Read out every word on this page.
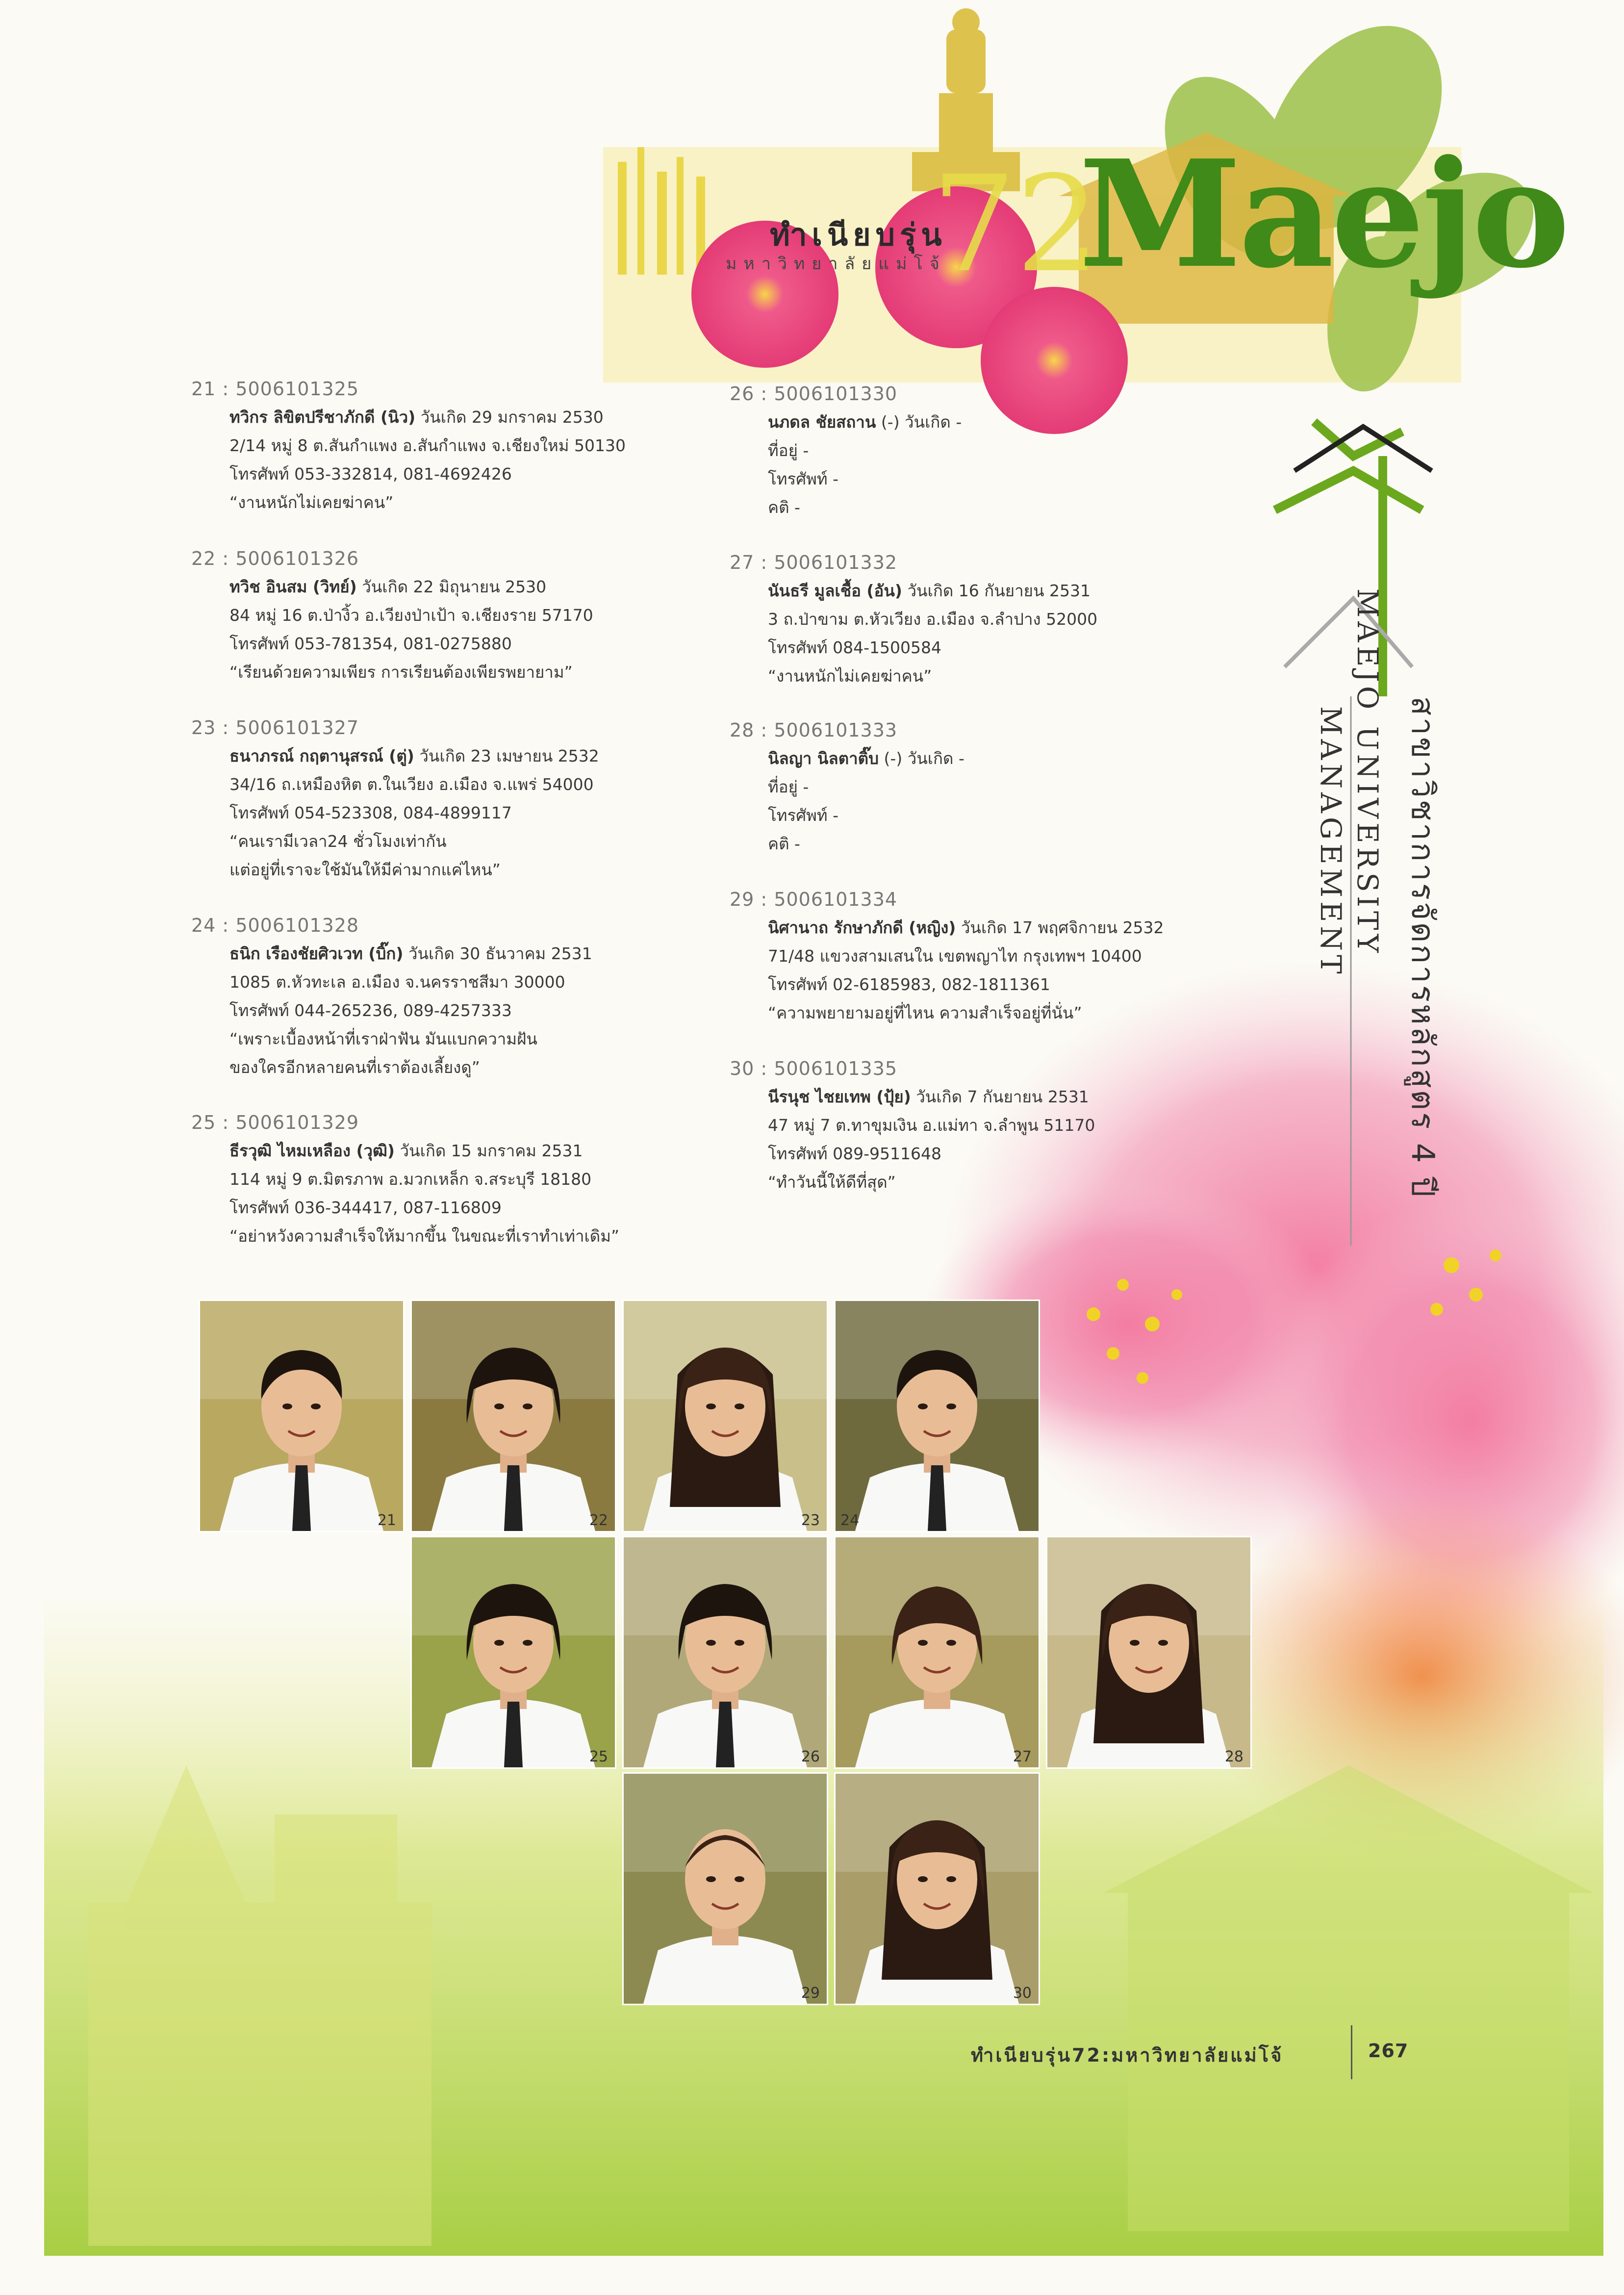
ทำเนียบรุ่น
มหาวิทยาลัยแม่โจ้
72
Maejo
สาขาวิชาการจัดการหลักสูตร 4 ปี
MAEJO UNIVERSITY
MANAGEMENT
21 : 5006101325
ทวิกร ลิขิตปรีชาภักดี (นิว) วันเกิด 29 มกราคม 2530
2/14 หมู่ 8 ต.สันกำแพง อ.สันกำแพง จ.เชียงใหม่ 50130
โทรศัพท์ 053-332814, 081-4692426
“งานหนักไม่เคยฆ่าคน”
22 : 5006101326
ทวิช อินสม (วิทย์) วันเกิด 22 มิถุนายน 2530
84 หมู่ 16 ต.ป่างิ้ว อ.เวียงป่าเป้า จ.เชียงราย 57170
โทรศัพท์ 053-781354, 081-0275880
“เรียนด้วยความเพียร การเรียนต้องเพียรพยายาม”
23 : 5006101327
ธนาภรณ์ กฤตานุสรณ์ (ตู่) วันเกิด 23 เมษายน 2532
34/16 ถ.เหมืองหิต ต.ในเวียง อ.เมือง จ.แพร่ 54000
โทรศัพท์ 054-523308, 084-4899117
“คนเรามีเวลา24 ชั่วโมงเท่ากัน
แต่อยู่ที่เราจะใช้มันให้มีค่ามากแค่ไหน”
24 : 5006101328
ธนิก เรืองชัยศิวเวท (บิ๊ก) วันเกิด 30 ธันวาคม 2531
1085 ต.หัวทะเล อ.เมือง จ.นครราชสีมา 30000
โทรศัพท์ 044-265236, 089-4257333
“เพราะเบื้องหน้าที่เราฝ่าฟัน มันแบกความฝัน
ของใครอีกหลายคนที่เราต้องเลี้ยงดู”
25 : 5006101329
ธีรวุฒิ ไหมเหลือง (วุฒิ) วันเกิด 15 มกราคม 2531
114 หมู่ 9 ต.มิตรภาพ อ.มวกเหล็ก จ.สระบุรี 18180
โทรศัพท์ 036-344417, 087-116809
“อย่าหวังความสำเร็จให้มากขึ้น ในขณะที่เราทำเท่าเดิม”
26 : 5006101330
นภดล ชัยสถาน (-) วันเกิด -
ที่อยู่ -
โทรศัพท์ -
คติ -
27 : 5006101332
นันธรี มูลเชื้อ (อัน) วันเกิด 16 กันยายน 2531
3 ถ.ป่าขาม ต.หัวเวียง อ.เมือง จ.ลำปาง 52000
โทรศัพท์ 084-1500584
“งานหนักไม่เคยฆ่าคน”
28 : 5006101333
นิลญา นิลตาติ๊บ (-) วันเกิด -
ที่อยู่ -
โทรศัพท์ -
คติ -
29 : 5006101334
นิศานาถ รักษาภักดี (หญิง) วันเกิด 17 พฤศจิกายน 2532
71/48 แขวงสามเสนใน เขตพญาไท กรุงเทพฯ 10400
โทรศัพท์ 02-6185983, 082-1811361
“ความพยายามอยู่ที่ไหน ความสำเร็จอยู่ที่นั่น”
30 : 5006101335
นีรนุช ไชยเทพ (ปุ้ย) วันเกิด 7 กันยายน 2531
47 หมู่ 7 ต.ทาขุมเงิน อ.แม่ทา จ.ลำพูน 51170
โทรศัพท์ 089-9511648
“ทำวันนี้ให้ดีที่สุด”
21	22	23 24
25	26	27	28
29	30
ทำเนียบรุ่น72:มหาวิทยาลัยแม่โจ้	267
